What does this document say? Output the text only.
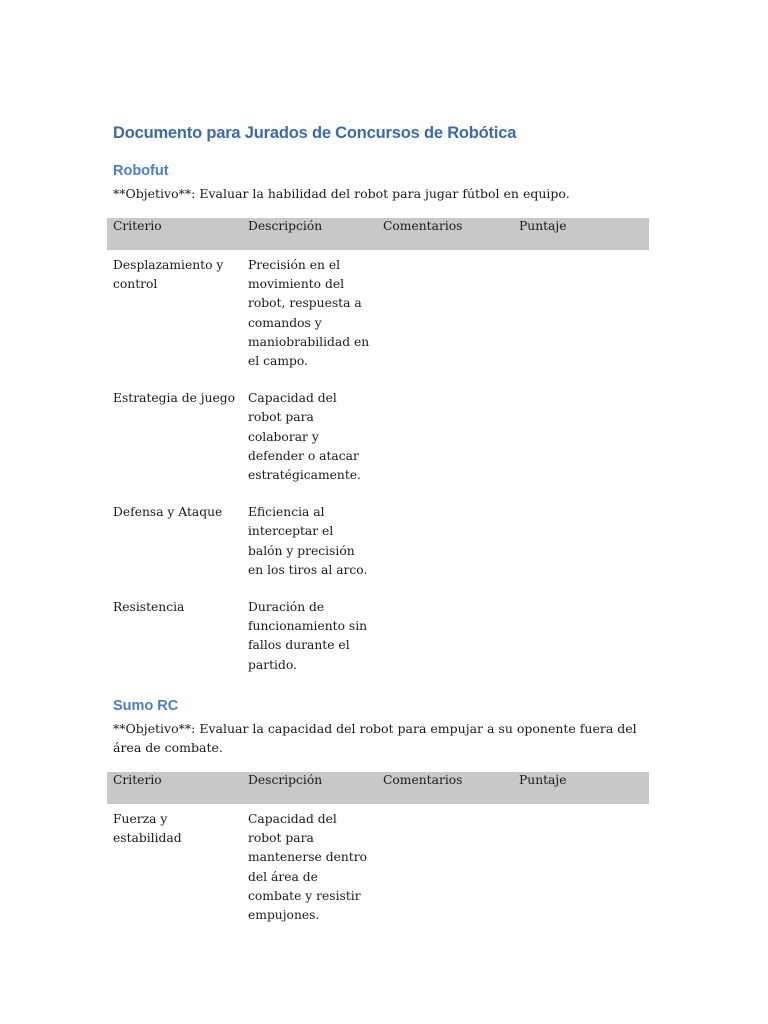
Documento para Jurados de Concursos de Robótica
Robofut
**Objetivo**: Evaluar la habilidad del robot para jugar fútbol en equipo.
Criterio	Descripción	Comentarios	Puntaje
Desplazamiento y control	Precisión en el movimiento del robot, respuesta a comandos y maniobrabilidad en el campo.		
Estrategia de juego	Capacidad del robot para colaborar y defender o atacar estratégicamente.		
Defensa y Ataque	Eficiencia al interceptar el balón y precisión en los tiros al arco.		
Resistencia	Duración de funcionamiento sin fallos durante el partido.		
Sumo RC
**Objetivo**: Evaluar la capacidad del robot para empujar a su oponente fuera del área de combate.
Criterio	Descripción	Comentarios	Puntaje
Fuerza y estabilidad	Capacidad del robot para mantenerse dentro del área de combate y resistir empujones.		
